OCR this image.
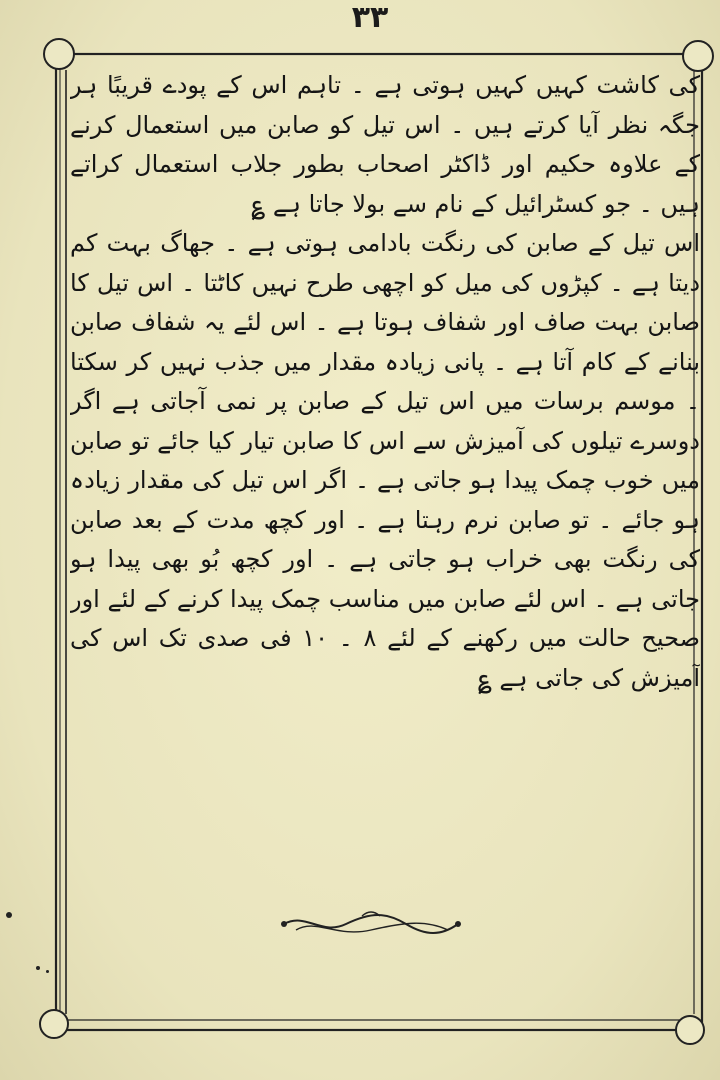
۳۳

کی کاشت کہیں کہیں ہوتی ہے ۔ تاہم اس کے پودے قریبًا ہر جگہ نظر آیا کرتے ہیں ۔ اس تیل کو صابن میں استعمال کرنے کے علاوہ حکیم اور ڈاکٹر اصحاب بطور جلاب استعمال کراتے ہیں ۔ جو کسٹرائیل کے نام سے بولا جاتا ہے ؏

اس تیل کے صابن کی رنگت بادامی ہوتی ہے ۔ جھاگ بہت کم دیتا ہے ۔ کپڑوں کی میل کو اچھی طرح نہیں کاٹتا ۔ اس تیل کا صابن بہت صاف اور شفاف ہوتا ہے ۔ اس لئے یہ شفاف صابن بنانے کے کام آتا ہے ۔ پانی زیادہ مقدار میں جذب نہیں کر سکتا ۔ موسم برسات میں اس تیل کے صابن پر نمی آجاتی ہے اگر دوسرے تیلوں کی آمیزش سے اس کا صابن تیار کیا جائے تو صابن میں خوب چمک پیدا ہو جاتی ہے ۔ اگر اس تیل کی مقدار زیادہ ہو جائے ۔ تو صابن نرم رہتا ہے ۔ اور کچھ مدت کے بعد صابن کی رنگت بھی خراب ہو جاتی ہے ۔ اور کچھ بُو بھی پیدا ہو جاتی ہے ۔ اس لئے صابن میں مناسب چمک پیدا کرنے کے لئے اور صحیح حالت میں رکھنے کے لئے ۸ ۔ ۱۰ فی صدی تک اس کی آمیزش کی جاتی ہے ؏
